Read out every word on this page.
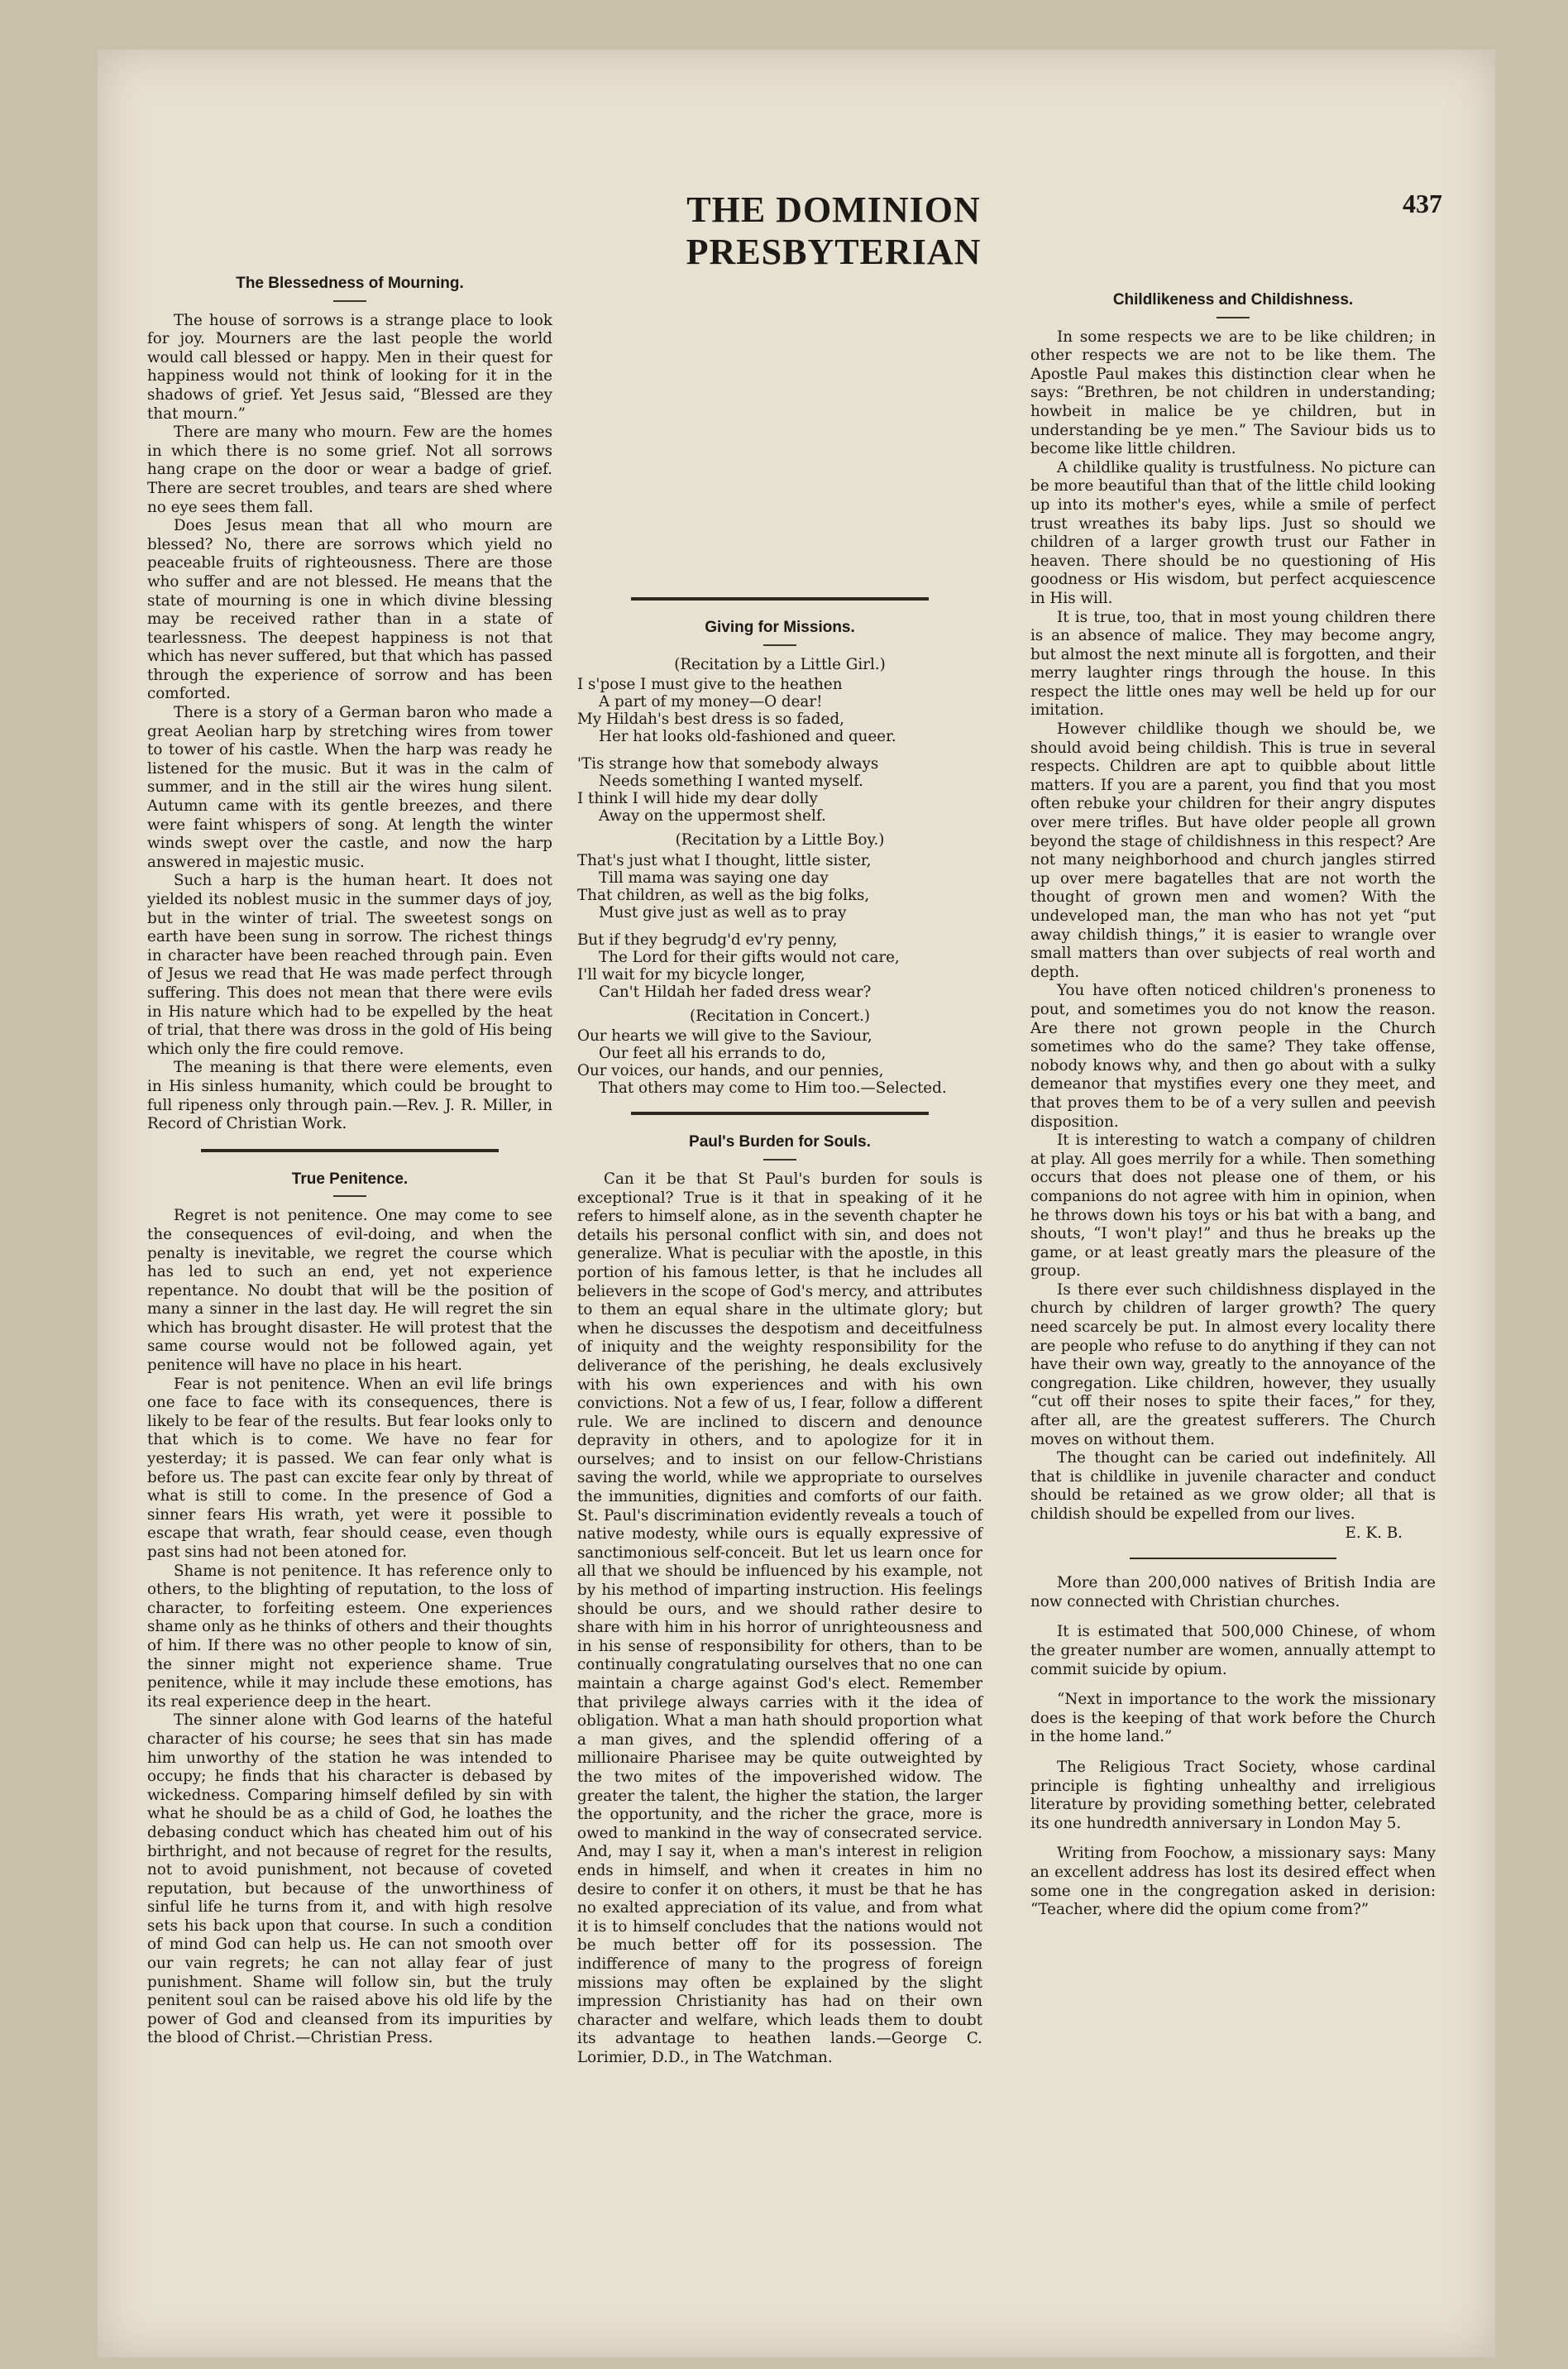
THE DOMINION PRESBYTERIAN
437
The Blessedness of Mourning.

The house of sorrows is a strange place to look for joy. Mourners are the last people the world would call blessed or happy. Men in their quest for happiness would not think of looking for it in the shadows of grief. Yet Jesus said, “Blessed are they that mourn.”

There are many who mourn. Few are the homes in which there is no some grief. Not all sorrows hang crape on the door or wear a badge of grief. There are secret troubles, and tears are shed where no eye sees them fall.

Does Jesus mean that all who mourn are blessed? No, there are sorrows which yield no peaceable fruits of righteousness. There are those who suffer and are not blessed. He means that the state of mourning is one in which divine blessing may be received rather than in a state of tearlessness. The deepest happiness is not that which has never suffered, but that which has passed through the experience of sorrow and has been comforted.

There is a story of a German baron who made a great Aeolian harp by stretching wires from tower to tower of his castle. When the harp was ready he listened for the music. But it was in the calm of summer, and in the still air the wires hung silent. Autumn came with its gentle breezes, and there were faint whispers of song. At length the winter winds swept over the castle, and now the harp answered in majestic music.

Such a harp is the human heart. It does not yielded its noblest music in the summer days of joy, but in the winter of trial. The sweetest songs on earth have been sung in sorrow. The richest things in character have been reached through pain. Even of Jesus we read that He was made perfect through suffering. This does not mean that there were evils in His nature which had to be expelled by the heat of trial, that there was dross in the gold of His being which only the fire could remove.

The meaning is that there were elements, even in His sinless humanity, which could be brought to full ripeness only through pain.—Rev. J. R. Miller, in Record of Christian Work.

True Penitence.

Regret is not penitence. One may come to see the consequences of evil-doing, and when the penalty is inevitable, we regret the course which has led to such an end, yet not experience repentance. No doubt that will be the position of many a sinner in the last day. He will regret the sin which has brought disaster. He will protest that the same course would not be followed again, yet penitence will have no place in his heart.

Fear is not penitence. When an evil life brings one face to face with its consequences, there is likely to be fear of the results. But fear looks only to that which is to come. We have no fear for yesterday; it is passed. We can fear only what is before us. The past can excite fear only by threat of what is still to come. In the presence of God a sinner fears His wrath, yet were it possible to escape that wrath, fear should cease, even though past sins had not been atoned for.

Shame is not penitence. It has reference only to others, to the blighting of reputation, to the loss of character, to forfeiting esteem. One experiences shame only as he thinks of others and their thoughts of him. If there was no other people to know of sin, the sinner might not experience shame. True penitence, while it may include these emotions, has its real experience deep in the heart.

The sinner alone with God learns of the hateful character of his course; he sees that sin has made him unworthy of the station he was intended to occupy; he finds that his character is debased by wickedness. Comparing himself defiled by sin with what he should be as a child of God, he loathes the debasing conduct which has cheated him out of his birthright, and not because of regret for the results, not to avoid punishment, not because of coveted reputation, but because of the unworthiness of sinful life he turns from it, and with high resolve sets his back upon that course. In such a condition of mind God can help us. He can not smooth over our vain regrets; he can not allay fear of just punishment. Shame will follow sin, but the truly penitent soul can be raised above his old life by the power of God and cleansed from its impurities by the blood of Christ.—Christian Press.

Giving for Missions.
(Recitation by a Little Girl.)
I s'pose I must give to the heathen
A part of my money—O dear!
My Hildah's best dress is so faded,
Her hat looks old-fashioned and queer.
'Tis strange how that somebody always
Needs something I wanted myself.
I think I will hide my dear dolly
Away on the uppermost shelf.
(Recitation by a Little Boy.)
That's just what I thought, little sister,
Till mama was saying one day
That children, as well as the big folks,
Must give just as well as to pray
But if they begrudg'd ev'ry penny,
The Lord for their gifts would not care,
I'll wait for my bicycle longer,
Can't Hildah her faded dress wear?
(Recitation in Concert.)
Our hearts we will give to the Saviour,
Our feet all his errands to do,
Our voices, our hands, and our pennies,
That others may come to Him too.—Selected.
Paul's Burden for Souls.

Can it be that St Paul's burden for souls is exceptional? True is it that in speaking of it he refers to himself alone, as in the seventh chapter he details his personal conflict with sin, and does not generalize. What is peculiar with the apostle, in this portion of his famous letter, is that he includes all believers in the scope of God's mercy, and attributes to them an equal share in the ultimate glory; but when he discusses the despotism and deceitfulness of iniquity and the weighty responsibility for the deliverance of the perishing, he deals exclusively with his own experiences and with his own convictions. Not a few of us, I fear, follow a different rule. We are inclined to discern and denounce depravity in others, and to apologize for it in ourselves; and to insist on our fellow-Christians saving the world, while we appropriate to ourselves the immunities, dignities and comforts of our faith. St. Paul's discrimination evidently reveals a touch of native modesty, while ours is equally expressive of sanctimonious self-conceit. But let us learn once for all that we should be influenced by his example, not by his method of imparting instruction. His feelings should be ours, and we should rather desire to share with him in his horror of unrighteousness and in his sense of responsibility for others, than to be continually congratulating ourselves that no one can maintain a charge against God's elect. Remember that privilege always carries with it the idea of obligation. What a man hath should proportion what a man gives, and the splendid offering of a millionaire Pharisee may be quite outweighted by the two mites of the impoverished widow. The greater the talent, the higher the station, the larger the opportunity, and the richer the grace, more is owed to mankind in the way of consecrated service. And, may I say it, when a man's interest in religion ends in himself, and when it creates in him no desire to confer it on others, it must be that he has no exalted appreciation of its value, and from what it is to himself concludes that the nations would not be much better off for its possession. The indifference of many to the progress of foreign missions may often be explained by the slight impression Christianity has had on their own character and welfare, which leads them to doubt its advantage to heathen lands.—George C. Lorimier, D.D., in The Watchman.

Childlikeness and Childishness.

In some respects we are to be like children; in other respects we are not to be like them. The Apostle Paul makes this distinction clear when he says: “Brethren, be not children in understanding; howbeit in malice be ye children, but in understanding be ye men.” The Saviour bids us to become like little children.

A childlike quality is trustfulness. No picture can be more beautiful than that of the little child looking up into its mother's eyes, while a smile of perfect trust wreathes its baby lips. Just so should we children of a larger growth trust our Father in heaven. There should be no questioning of His goodness or His wisdom, but perfect acquiescence in His will.

It is true, too, that in most young children there is an absence of malice. They may become angry, but almost the next minute all is forgotten, and their merry laughter rings through the house. In this respect the little ones may well be held up for our imitation.

However childlike though we should be, we should avoid being childish. This is true in several respects. Children are apt to quibble about little matters. If you are a parent, you find that you most often rebuke your children for their angry disputes over mere trifles. But have older people all grown beyond the stage of childishness in this respect? Are not many neighborhood and church jangles stirred up over mere bagatelles that are not worth the thought of grown men and women? With the undeveloped man, the man who has not yet “put away childish things,” it is easier to wrangle over small matters than over subjects of real worth and depth.

You have often noticed children's proneness to pout, and sometimes you do not know the reason. Are there not grown people in the Church sometimes who do the same? They take offense, nobody knows why, and then go about with a sulky demeanor that mystifies every one they meet, and that proves them to be of a very sullen and peevish disposition.

It is interesting to watch a company of children at play. All goes merrily for a while. Then something occurs that does not please one of them, or his companions do not agree with him in opinion, when he throws down his toys or his bat with a bang, and shouts, “I won't play!” and thus he breaks up the game, or at least greatly mars the pleasure of the group.

Is there ever such childishness displayed in the church by children of larger growth? The query need scarcely be put. In almost every locality there are people who refuse to do anything if they can not have their own way, greatly to the annoyance of the congregation. Like children, however, they usually “cut off their noses to spite their faces,” for they, after all, are the greatest sufferers. The Church moves on without them.

The thought can be caried out indefinitely. All that is childlike in juvenile character and conduct should be retained as we grow older; all that is childish should be expelled from our lives.

E. K. B.

More than 200,000 natives of British India are now connected with Christian churches.

It is estimated that 500,000 Chinese, of whom the greater number are women, annually attempt to commit suicide by opium.

“Next in importance to the work the missionary does is the keeping of that work before the Church in the home land.”

The Religious Tract Society, whose cardinal principle is fighting unhealthy and irreligious literature by providing something better, celebrated its one hundredth anniversary in London May 5.

Writing from Foochow, a missionary says: Many an excellent address has lost its desired effect when some one in the congregation asked in derision: “Teacher, where did the opium come from?”
